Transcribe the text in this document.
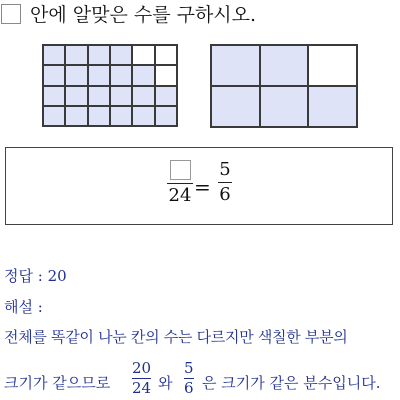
안에 알맞은 수를 구하시오.
24 =
5
6
정답 : 20
해설 :
전체를 똑같이 나눈 칸의 수는 다르지만 색칠한 부분의
크기가 같으므로
20
24 와
5
6 은 크기가 같은 분수입니다.
